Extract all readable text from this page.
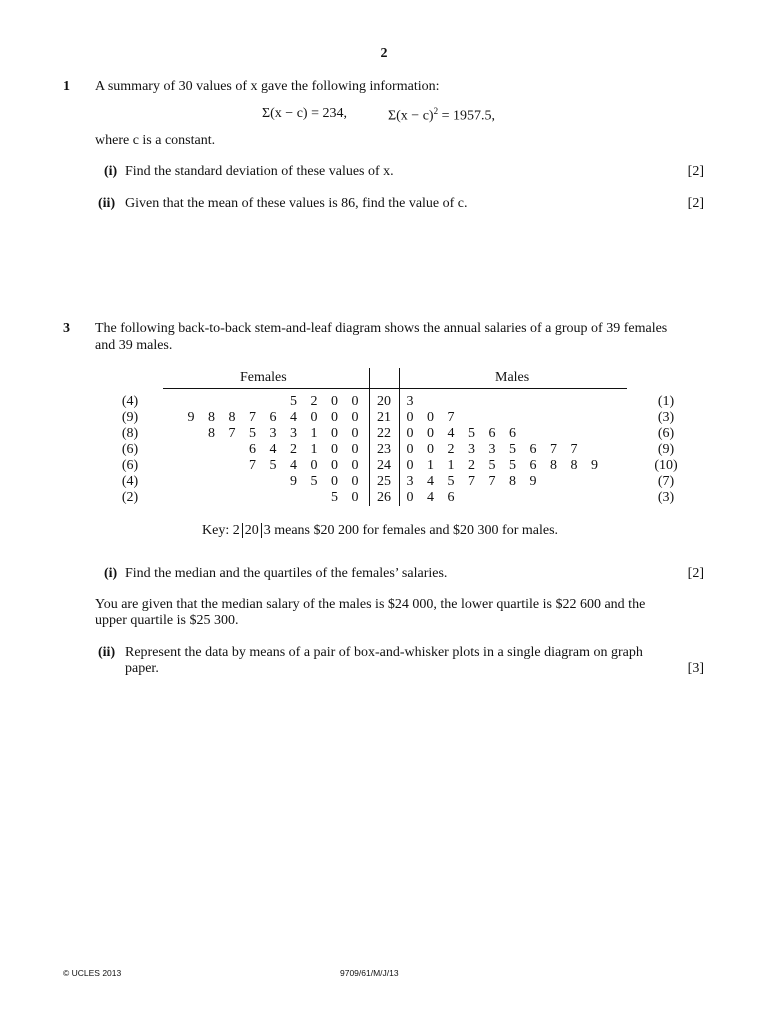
2
1 A summary of 30 values of x gave the following information:
Σ(x − c) = 234,	$\Sigma(x - c)^2 = 1957.5$,
where c is a constant.
(i) Find the standard deviation of these values of x.	[2]
(ii) Given that the mean of these values is 86, find the value of c.	[2]
3 The following back-to-back stem-and-leaf diagram shows the annual salaries of a group of 39 females
and 39 males.
Females	Males
(4)	5 2 0 0	20	3	(1)
(9)	9 8 8 7 6 4 0 0 0	21	0 0 7	(3)
(8)	8 7 5 3 3 1 0 0	22	0 0 4 5 6 6	(6)
(6)	6 4 2 1 0 0	23	0 0 2 3 3 5 6 7 7	(9)
(6)	7 5 4 0 0 0	24	0 1 1 2 5 5 6 8 8 9	(10)
(4)	9 5 0 0	25	3 4 5 7 7 8 9	(7)
(2)	5 0	26	0 4 6	(3)
Key: 2 20 3 means $20 200 for females and $20 300 for males.
(i) Find the median and the quartiles of the females’ salaries.	[2]
You are given that the median salary of the males is $24 000, the lower quartile is $22 600 and the
upper quartile is $25 300.
(ii) Represent the data by means of a pair of box-and-whisker plots in a single diagram on graph
paper.	[3]
© UCLES 2013	9709/61/M/J/13
